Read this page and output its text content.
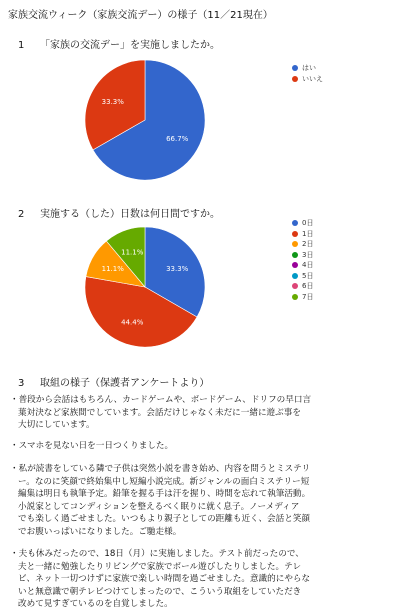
家族交流ウィーク（家族交流デー）の様子（11／21現在）
1 「家族の交流デー」を実施しましたか。
66.7%
33.3%
はい
いいえ
2 実施する（した）日数は何日間ですか。
33.3%
44.4%
11.1%
11.1%
0日
1日
2日
3日
4日
5日
6日
7日
3 取組の様子（保護者アンケートより）
・普段から会話はもちろん、カードゲームや、ボードゲーム、ドリフの早口言
葉対決など家族間でしています。会話だけじゃなく未だに一緒に遊ぶ事を
大切にしています。
・スマホを見ない日を一日つくりました。
・私が読書をしている隣で子供は突然小説を書き始め、内容を問うとミステリ
ー。なのに笑顔で終始集中し短編小説完成。新ジャンルの面白ミステリー短
編集は明日も執筆予定。鉛筆を握る手は汗を握り、時間を忘れて執筆活動。
小説家としてコンディションを整えるべく眠りに就く息子。ノーメディア
でも楽しく過ごせました。いつもより親子としての距離も近く、会話と笑顔
でお腹いっぱいになりました。ご馳走様。
・夫も休みだったので、18日（月）に実施しました。テスト前だったので、
夫と一緒に勉強したりリビングで家族でボール遊びしたりしました。テレ
ビ、ネット一切つけずに家族で楽しい時間を過ごせました。意識的にやらな
いと無意識で朝テレビつけてしまったので、こういう取組をしていただき
改めて見すぎているのを自覚しました。
